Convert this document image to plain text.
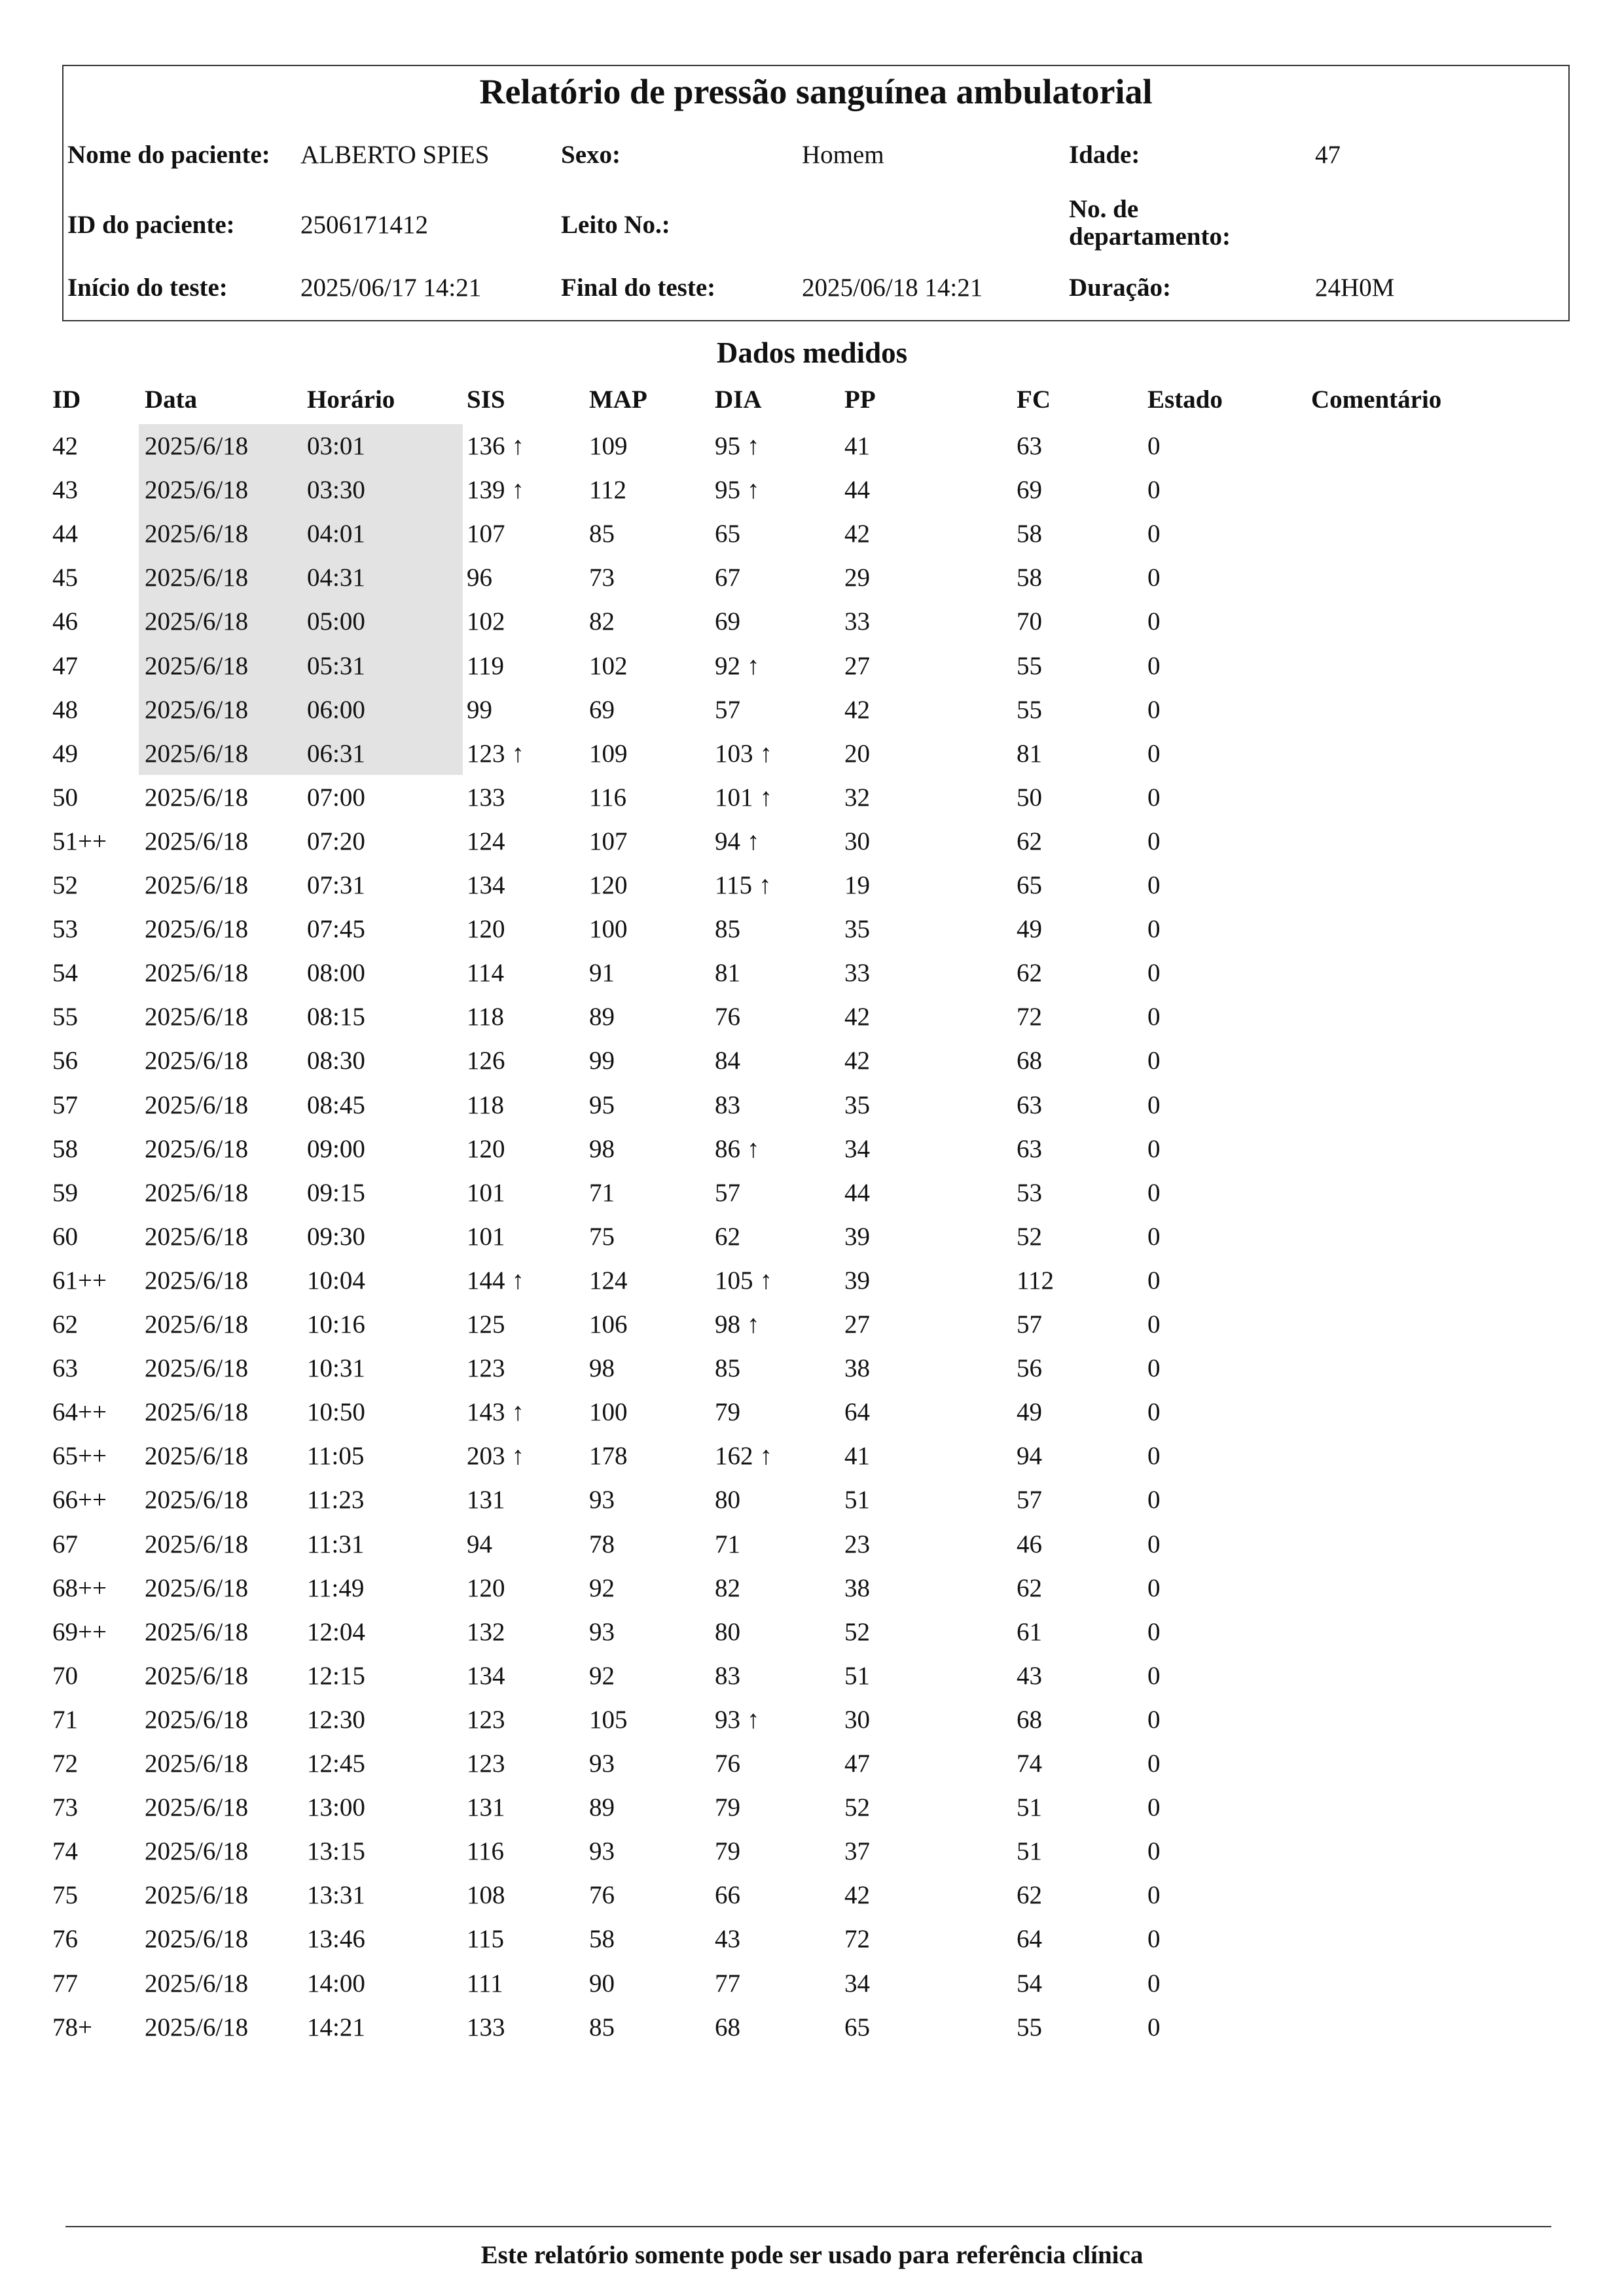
Relatório de pressão sanguínea ambulatorial
Nome do paciente: ALBERTO SPIES	Sexo:	Homem	Idade:	47
ID do paciente:	2506171412	Leito No.:
No. de
departamento:
Início do teste:	2025/06/17 14:21	Final do teste:	2025/06/18 14:21	Duração:	24H0M
Dados medidos
ID	Data	Horário	SIS	MAP	DIA	PP	FC	Estado	Comentário
42	2025/6/18 03:01	136 ↑	109	95 ↑	41	63	0
43	2025/6/18 03:30	139 ↑	112	95 ↑	44	69	0
44	2025/6/18 04:01	107	85	65	42	58	0
45	2025/6/18 04:31	96	73	67	29	58	0
46	2025/6/18 05:00	102	82	69	33	70	0
47	2025/6/18 05:31	119	102	92 ↑	27	55	0
48	2025/6/18 06:00	99	69	57	42	55	0
49	2025/6/18 06:31	123 ↑	109	103 ↑	20	81	0
50	2025/6/18 07:00	133	116	101 ↑	32	50	0
51++ 2025/6/18 07:20	124	107	94 ↑	30	62	0
52	2025/6/18 07:31	134	120	115 ↑	19	65	0
53	2025/6/18 07:45	120	100	85	35	49	0
54	2025/6/18 08:00	114	91	81	33	62	0
55	2025/6/18 08:15	118	89	76	42	72	0
56	2025/6/18 08:30	126	99	84	42	68	0
57	2025/6/18 08:45	118	95	83	35	63	0
58	2025/6/18 09:00	120	98	86 ↑	34	63	0
59	2025/6/18 09:15	101	71	57	44	53	0
60	2025/6/18 09:30	101	75	62	39	52	0
61++ 2025/6/18 10:04	144 ↑	124	105 ↑	39	112	0
62	2025/6/18 10:16	125	106	98 ↑	27	57	0
63	2025/6/18 10:31	123	98	85	38	56	0
64++ 2025/6/18 10:50	143 ↑	100	79	64	49	0
65++ 2025/6/18 11:05	203 ↑	178	162 ↑	41	94	0
66++ 2025/6/18 11:23	131	93	80	51	57	0
67	2025/6/18 11:31	94	78	71	23	46	0
68++ 2025/6/18 11:49	120	92	82	38	62	0
69++ 2025/6/18 12:04	132	93	80	52	61	0
70	2025/6/18 12:15	134	92	83	51	43	0
71	2025/6/18 12:30	123	105	93 ↑	30	68	0
72	2025/6/18 12:45	123	93	76	47	74	0
73	2025/6/18 13:00	131	89	79	52	51	0
74	2025/6/18 13:15	116	93	79	37	51	0
75	2025/6/18 13:31	108	76	66	42	62	0
76	2025/6/18 13:46	115	58	43	72	64	0
77	2025/6/18 14:00	111	90	77	34	54	0
78+ 2025/6/18 14:21	133	85	68	65	55	0
Este relatório somente pode ser usado para referência clínica
